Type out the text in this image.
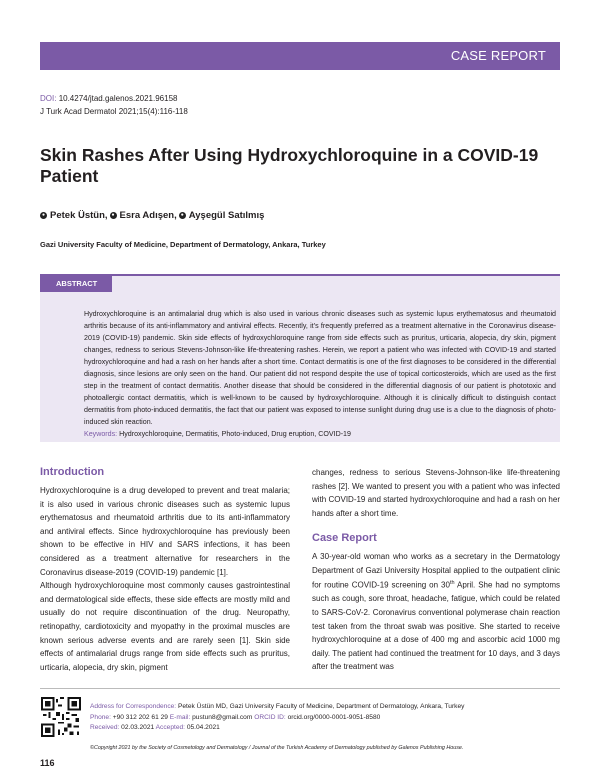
CASE REPORT
DOI: 10.4274/jtad.galenos.2021.96158
J Turk Acad Dermatol 2021;15(4):116-118
Skin Rashes After Using Hydroxychloroquine in a COVID-19 Patient
● Petek Üstün, ● Esra Adışen, ● Ayşegül Satılmış
Gazi University Faculty of Medicine, Department of Dermatology, Ankara, Turkey
ABSTRACT

Hydroxychloroquine is an antimalarial drug which is also used in various chronic diseases such as systemic lupus erythematosus and rheumatoid arthritis because of its anti-inflammatory and antiviral effects. Recently, it’s frequently preferred as a treatment alternative in the Coronavirus disease-2019 (COVID-19) pandemic. Skin side effects of hydroxychloroquine range from side effects such as pruritus, urticaria, alopecia, dry skin, pigment changes, redness to serious Stevens-Johnson-like life-threatening rashes. Herein, we report a patient who was infected with COVID-19 and started hydroxychloroquine and had a rash on her hands after a short time. Contact dermatitis is one of the first diagnoses to be considered in the differential diagnosis, since lesions are only seen on the hand. Our patient did not respond despite the use of topical corticosteroids, which are used as the first step in the treatment of contact dermatitis. Another disease that should be considered in the differential diagnosis of our patient is phototoxic and photoallergic contact dermatitis, which is well-known to be caused by hydroxychloroquine. Although it is clinically difficult to distinguish contact dermatitis from photo-induced dermatitis, the fact that our patient was exposed to intense sunlight during drug use is a clue to the diagnosis of photo-induced skin reaction.

Keywords: Hydroxychloroquine, Dermatitis, Photo-induced, Drug eruption, COVID-19
Introduction

Hydroxychloroquine is a drug developed to prevent and treat malaria; it is also used in various chronic diseases such as systemic lupus erythematosus and rheumatoid arthritis due to its anti-inflammatory and antiviral effects. Since hydroxychloroquine has previously been shown to be effective in HIV and SARS infections, it has been considered as a treatment alternative for researchers in the Coronavirus disease-2019 (COVID-19) pandemic [1].

Although hydroxychloroquine most commonly causes gastrointestinal and dermatological side effects, these side effects are mostly mild and usually do not require discontinuation of the drug. Neuropathy, retinopathy, cardiotoxicity and myopathy in the proximal muscles are known serious adverse events and are rarely seen [1]. Skin side effects of antimalarial drugs range from side effects such as pruritus, urticaria, alopecia, dry skin, pigment

changes, redness to serious Stevens-Johnson-like life-threatening rashes [2]. We wanted to present you with a patient who was infected with COVID-19 and started hydroxychloroquine and had a rash on her hands after a short time.

Case Report

A 30-year-old woman who works as a secretary in the Dermatology Department of Gazi University Hospital applied to the outpatient clinic for routine COVID-19 screening on 30th April. She had no symptoms such as cough, sore throat, headache, fatigue, which could be related to SARS-CoV-2. Coronavirus conventional polymerase chain reaction test taken from the throat swab was positive. She started to receive hydroxychloroquine at a dose of 400 mg and ascorbic acid 1000 mg daily. The patient had continued the treatment for 10 days, and 3 days after the treatment was

Address for Correspondence: Petek Üstün MD, Gazi University Faculty of Medicine, Department of Dermatology, Ankara, Turkey
Phone: +90 312 202 61 29 E-mail: pustun8@gmail.com ORCID ID: orcid.org/0000-0001-9051-8580
Received: 02.03.2021 Accepted: 05.04.2021
©Copyright 2021 by the Society of Cosmetology and Dermatology / Journal of the Turkish Academy of Dermatology published by Galenos Publishing House.
116
